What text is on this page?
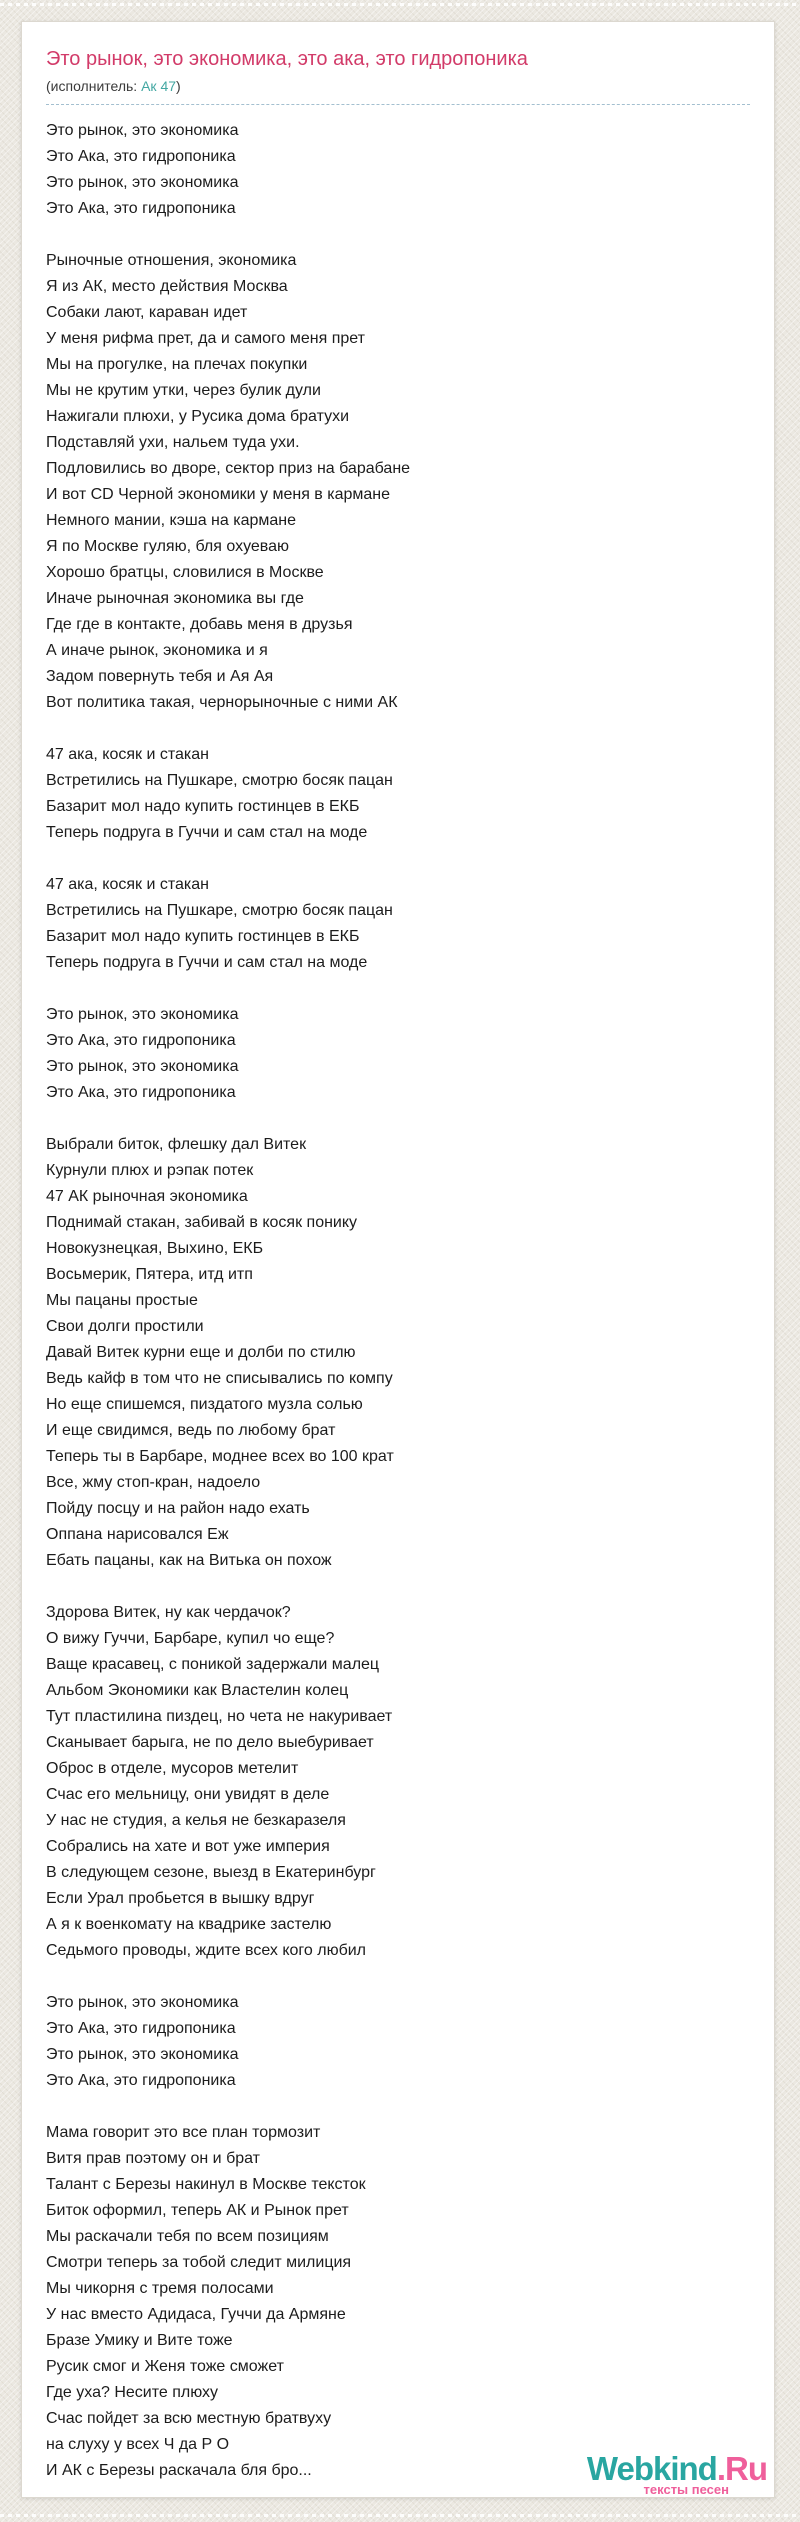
Это рынок, это экономика, это ака, это гидропоника
(исполнитель: Ак 47)
Это рынок, это экономика
Это Ака, это гидропоника
Это рынок, это экономика
Это Ака, это гидропоника
Рыночные отношения, экономика
Я из АК, место действия Москва
Собаки лают, караван идет
У меня рифма прет, да и самого меня прет
Мы на прогулке, на плечах покупки
Мы не крутим утки, через булик дули
Нажигали плюхи, у Русика дома братухи
Подставляй ухи, нальем туда ухи.
Подловились во дворе, сектор приз на барабане
И вот CD Черной экономики у меня в кармане
Немного мании, кэша на кармане
Я по Москве гуляю, бля охуеваю
Хорошо братцы, словилися в Москве
Иначе рыночная экономика вы где
Где где в контакте, добавь меня в друзья
А иначе рынок, экономика и я
Задом повернуть тебя и Ая Ая
Вот политика такая, чернорыночные с ними АК
47 ака, косяк и стакан
Встретились на Пушкаре, смотрю босяк пацан
Базарит мол надо купить гостинцев в ЕКБ
Теперь подруга в Гуччи и сам стал на моде
47 ака, косяк и стакан
Встретились на Пушкаре, смотрю босяк пацан
Базарит мол надо купить гостинцев в ЕКБ
Теперь подруга в Гуччи и сам стал на моде
Это рынок, это экономика
Это Ака, это гидропоника
Это рынок, это экономика
Это Ака, это гидропоника
Выбрали биток, флешку дал Витек
Курнули плюх и рэпак потек
47 АК рыночная экономика
Поднимай стакан, забивай в косяк понику
Новокузнецкая, Выхино, ЕКБ
Восьмерик, Пятера, итд итп
Мы пацаны простые
Свои долги простили
Давай Витек курни еще и долби по стилю
Ведь кайф в том что не списывались по компу
Но еще спишемся, пиздатого музла солью
И еще свидимся, ведь по любому брат
Теперь ты в Барбаре, моднее всех во 100 крат
Все, жму стоп-кран, надоело
Пойду посцу и на район надо ехать
Оппана нарисовался Еж
Ебать пацаны, как на Витька он похож
Здорова Витек, ну как чердачок?
О вижу Гуччи, Барбаре, купил чо еще?
Ваще красавец, с поникой задержали малец
Альбом Экономики как Властелин колец
Тут пластилина пиздец, но чета не накуривает
Сканывает барыга, не по дело выебуривает
Оброс в отделе, мусоров метелит
Счас его мельницу, они увидят в деле
У нас не студия, а келья не безкаразеля
Собрались на хате и вот уже империя
В следующем сезоне, выезд в Екатеринбург
Если Урал пробьется в вышку вдруг
А я к военкомату на квадрике застелю
Седьмого проводы, ждите всех кого любил
Это рынок, это экономика
Это Ака, это гидропоника
Это рынок, это экономика
Это Ака, это гидропоника
Мама говорит это все план тормозит
Витя прав поэтому он и брат
Талант с Березы накинул в Москве тексток
Биток оформил, теперь АК и Рынок прет
Мы раскачали тебя по всем позициям
Смотри теперь за тобой следит милиция
Мы чикорня с тремя полосами
У нас вместо Адидаса, Гуччи да Армяне
Бразе Умику и Вите тоже
Русик смог и Женя тоже сможет
Где уха? Несите плюху
Счас пойдет за всю местную братвуху
на слуху у всех Ч да Р О
И АК с Березы раскачала бля бро...	Webkind.Ru
тексты песен
